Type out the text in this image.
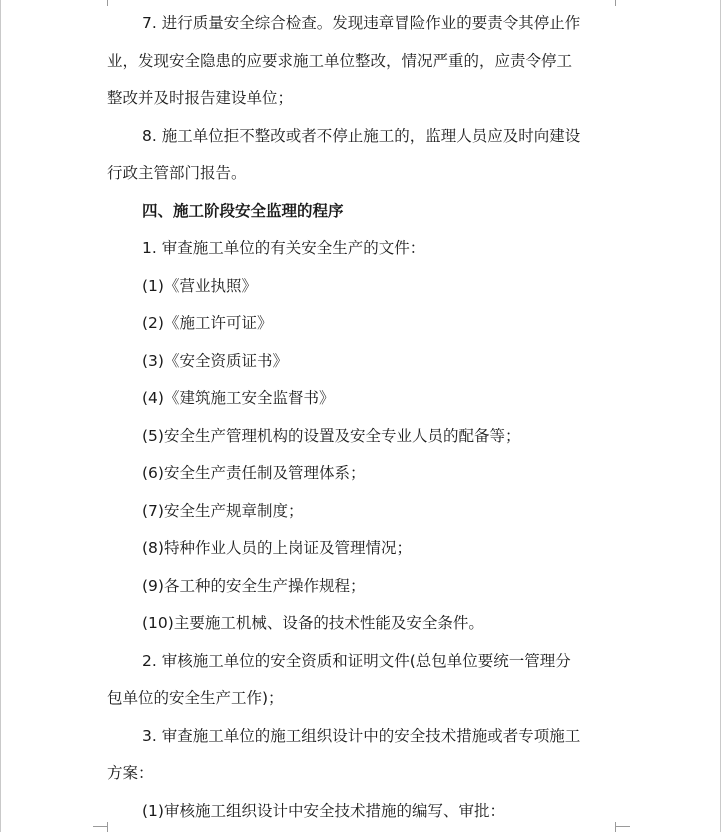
7. 进行质量安全综合检查。发现违章冒险作业的要责令其停止作
业，发现安全隐患的应要求施工单位整改，情况严重的，应责令停工
整改并及时报告建设单位；
8. 施工单位拒不整改或者不停止施工的，监理人员应及时向建设
行政主管部门报告。
四、施工阶段安全监理的程序
1. 审查施工单位的有关安全生产的文件：
(1)《营业执照》
(2)《施工许可证》
(3)《安全资质证书》
(4)《建筑施工安全监督书》
(5)安全生产管理机构的设置及安全专业人员的配备等；
(6)安全生产责任制及管理体系；
(7)安全生产规章制度；
(8)特种作业人员的上岗证及管理情况；
(9)各工种的安全生产操作规程；
(10)主要施工机械、设备的技术性能及安全条件。
2. 审核施工单位的安全资质和证明文件(总包单位要统一管理分
包单位的安全生产工作)；
3. 审查施工单位的施工组织设计中的安全技术措施或者专项施工
方案：
(1)审核施工组织设计中安全技术措施的编写、审批：
